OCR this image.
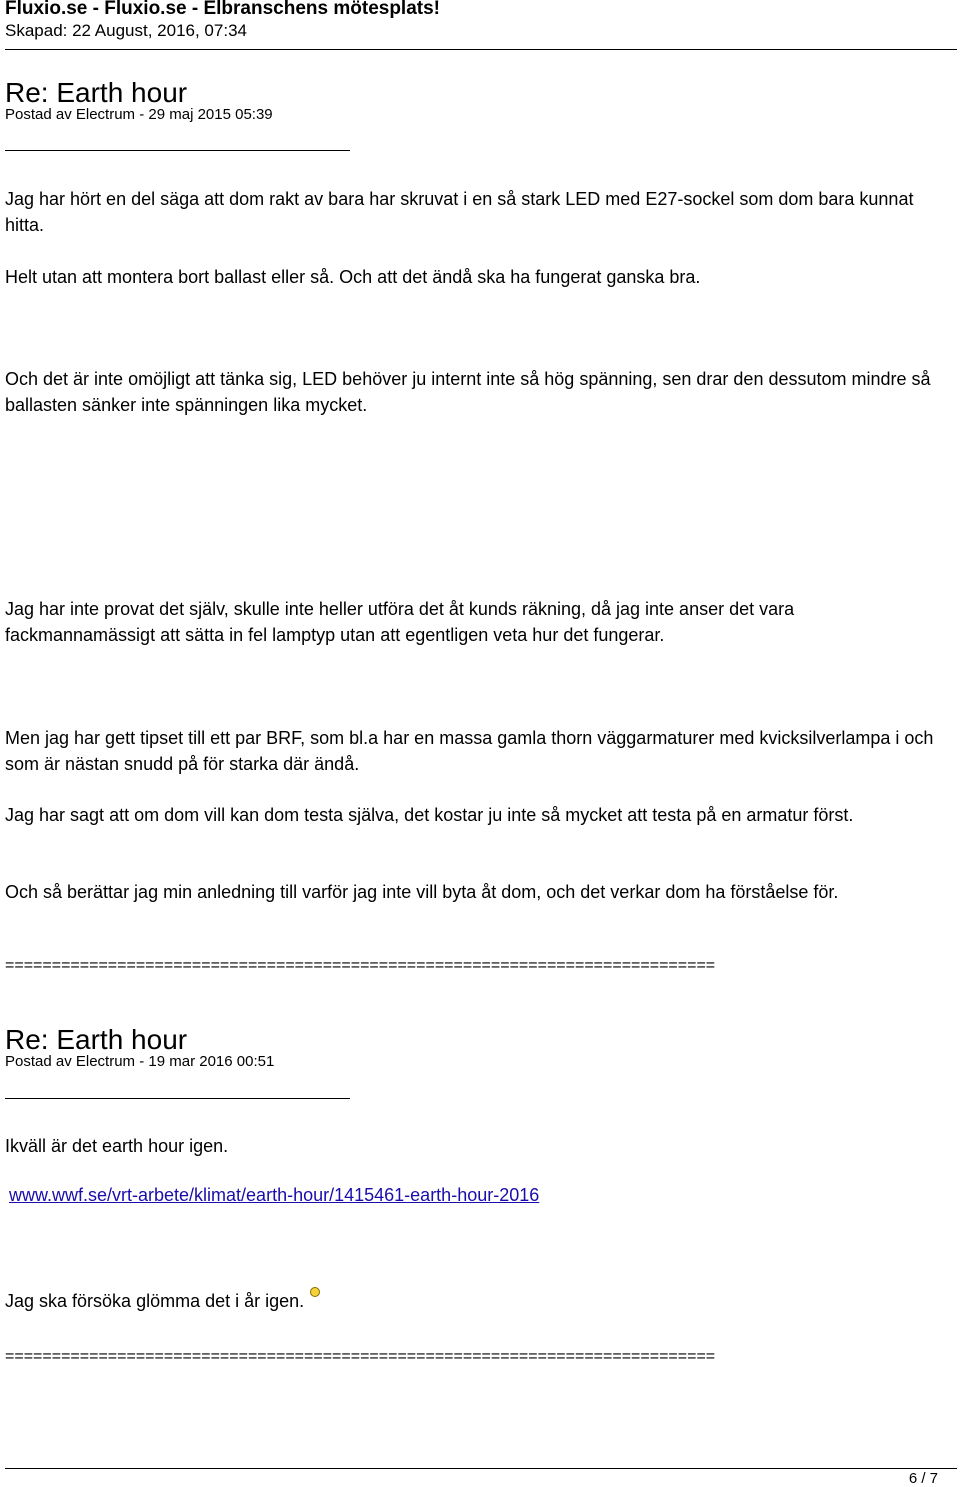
Fluxio.se - Fluxio.se - Elbranschens mötesplats!
Skapad: 22 August, 2016, 07:34
Re: Earth hour
Postad av Electrum - 29 maj 2015 05:39
Jag har hört en del säga att dom rakt av bara har skruvat i en så stark LED med E27-sockel som dom bara kunnat hitta.
Helt utan att montera bort ballast eller så. Och att det ändå ska ha fungerat ganska bra.
Och det är inte omöjligt att tänka sig, LED behöver ju internt inte så hög spänning, sen drar den dessutom mindre så ballasten sänker inte spänningen lika mycket.
Jag har inte provat det själv, skulle inte heller utföra det åt kunds räkning, då jag inte anser det vara fackmannamässigt att sätta in fel lamptyp utan att egentligen veta hur det fungerar.
Men jag har gett tipset till ett par BRF, som bl.a har en massa gamla thorn väggarmaturer med kvicksilverlampa i och som är nästan snudd på för starka där ändå.
Jag har sagt att om dom vill kan dom testa själva, det kostar ju inte så mycket att testa på en armatur först.
Och så berättar jag min anledning till varför jag inte vill byta åt dom, och det verkar dom ha förståelse för.
============================================================================
Re: Earth hour
Postad av Electrum - 19 mar 2016 00:51
Ikväll är det earth hour igen.
www.wwf.se/vrt-arbete/klimat/earth-hour/1415461-earth-hour-2016
Jag ska försöka glömma det i år igen.
============================================================================
6 / 7
